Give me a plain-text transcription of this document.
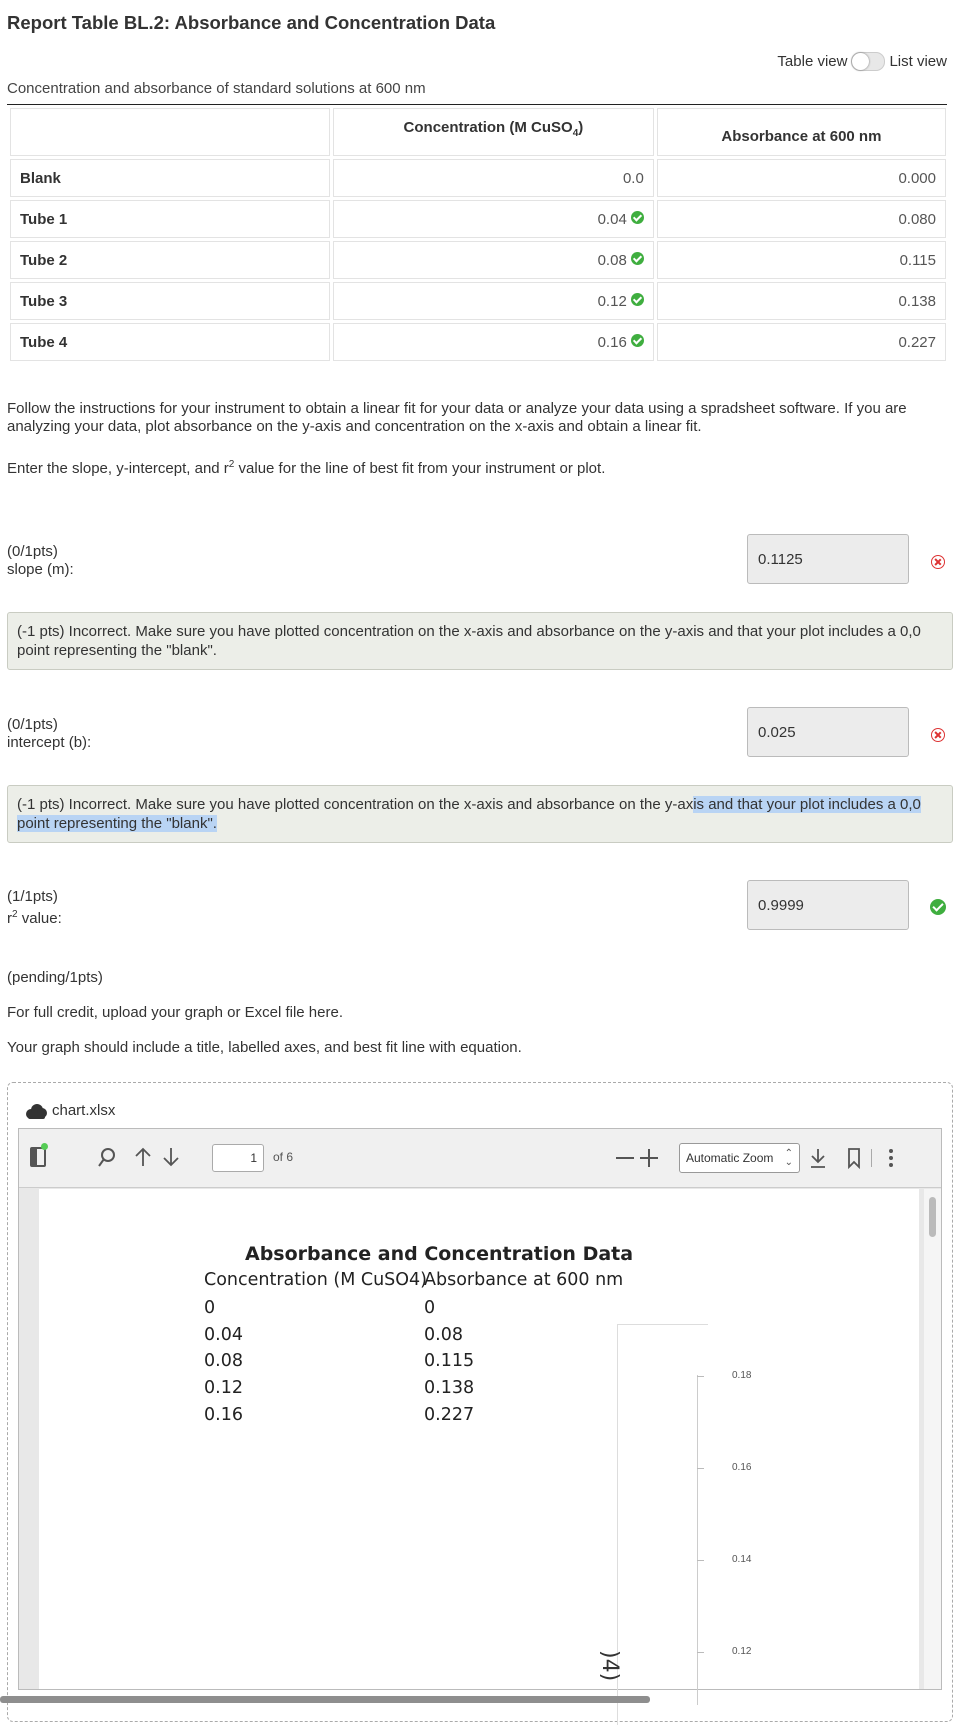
Report Table BL.2: Absorbance and Concentration Data
Table view	List view
Concentration and absorbance of standard solutions at 600 nm
	Concentration (M CuSO$_4$)	Absorbance at 600 nm
Blank	0.0	0.000
Tube 1	0.04	0.080
Tube 2	0.08	0.115
Tube 3	0.12	0.138
Tube 4	0.16	0.227
Follow the instructions for your instrument to obtain a linear fit for your data or analyze your data using a spradsheet software. If you are analyzing your data, plot absorbance on the y-axis and concentration on the x-axis and obtain a linear fit.
Enter the slope, y-intercept, and $r^2$ value for the line of best fit from your instrument or plot.
(0/1pts)
slope (m):
0.1125
(-1 pts) Incorrect. Make sure you have plotted concentration on the x-axis and absorbance on the y-axis and that your plot includes a 0,0 point representing the "blank".
(0/1pts)
intercept (b):
0.025
(-1 pts) Incorrect. Make sure you have plotted concentration on the x-axis and absorbance on the y-axis and that your plot includes a 0,0 point representing the "blank".
(1/1pts)
$r^2$ value:
0.9999
(pending/1pts)
For full credit, upload your graph or Excel file here.
Your graph should include a title, labelled axes, and best fit line with equation.
chart.xlsx
1	of 6	Automatic Zoom ⌃
⌄
Absorbance and Concentration Data
Concentration (M CuSO4)
Absorbance at 600 nm
0	0
0.04	0.08
0.08	0.115
0.12	0.138
0.16	0.227
0.18
0.16
0.14
0.12
)4)
